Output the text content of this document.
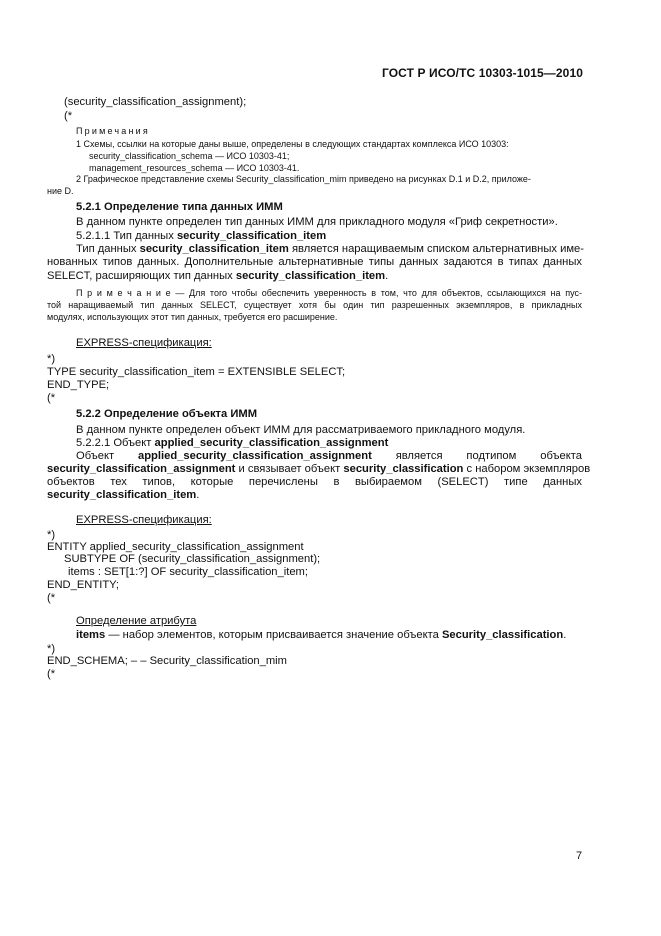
ГОСТ Р ИСО/ТС 10303-1015—2010
(security_classification_assignment);
(*
Примечания
1 Схемы, ссылки на которые даны выше, определены в следующих стандартах комплекса ИСО 10303:
security_classification_schema — ИСО 10303-41;
management_resources_schema — ИСО 10303-41.
2 Графическое представление схемы Security_classification_mim приведено на рисунках D.1 и D.2, приложе-
ние D.
5.2.1 Определение типа данных ИММ
В данном пункте определен тип данных ИММ для прикладного модуля «Гриф секретности».
5.2.1.1 Тип данных security_classification_item
Тип данных security_classification_item является наращиваемым списком альтернативных име-
нованных типов данных. Дополнительные альтернативные типы данных задаются в типах данных
SELECT, расширяющих тип данных security_classification_item.
П р и м е ч а н и е — Для того чтобы обеспечить уверенность в том, что для объектов, ссылающихся на пус-
той наращиваемый тип данных SELECT, существует хотя бы один тип разрешенных экземпляров, в прикладных
модулях, использующих этот тип данных, требуется его расширение.
EXPRESS-спецификация:
*)
TYPE security_classification_item = EXTENSIBLE SELECT;
END_TYPE;
(*
5.2.2 Определение объекта ИММ
В данном пункте определен объект ИММ для рассматриваемого прикладного модуля.
5.2.2.1 Объект applied_security_classification_assignment
Объект applied_security_classification_assignment является подтипом объекта
security_classification_assignment и связывает объект security_classification с набором экземпляров
объектов тех типов, которые перечислены в выбираемом (SELECT) типе данных
security_classification_item.
EXPRESS-спецификация:
*)
ENTITY applied_security_classification_assignment
SUBTYPE OF (security_classification_assignment);
items : SET[1:?] OF security_classification_item;
END_ENTITY;
(*
Определение атрибута
items — набор элементов, которым присваивается значение объекта Security_classification.
*)
END_SCHEMA; – – Security_classification_mim
(*
7
